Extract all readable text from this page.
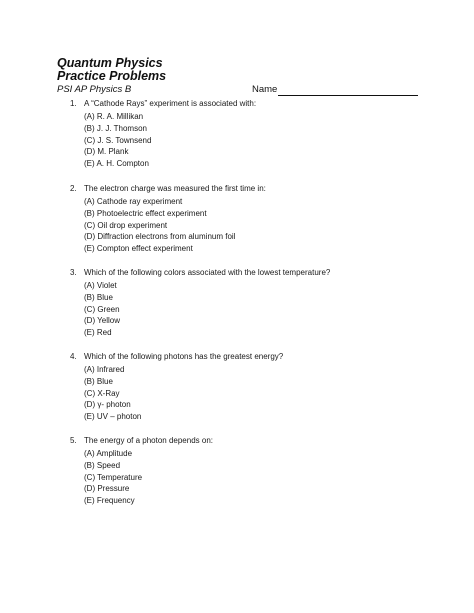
Quantum Physics
Practice Problems
PSI AP Physics B	Name
1. A “Cathode Rays” experiment is associated with:
(A) R. A. Millikan
(B) J. J. Thomson
(C) J. S. Townsend
(D) M. Plank
(E) A. H. Compton
2. The electron charge was measured the first time in:
(A) Cathode ray experiment
(B) Photoelectric effect experiment
(C) Oil drop experiment
(D) Diffraction electrons from aluminum foil
(E) Compton effect experiment
3. Which of the following colors associated with the lowest temperature?
(A) Violet
(B) Blue
(C) Green
(D) Yellow
(E) Red
4. Which of the following photons has the greatest energy?
(A) Infrared
(B) Blue
(C) X-Ray
(D) γ- photon
(E) UV – photon
5. The energy of a photon depends on:
(A) Amplitude
(B) Speed
(C) Temperature
(D) Pressure
(E) Frequency
